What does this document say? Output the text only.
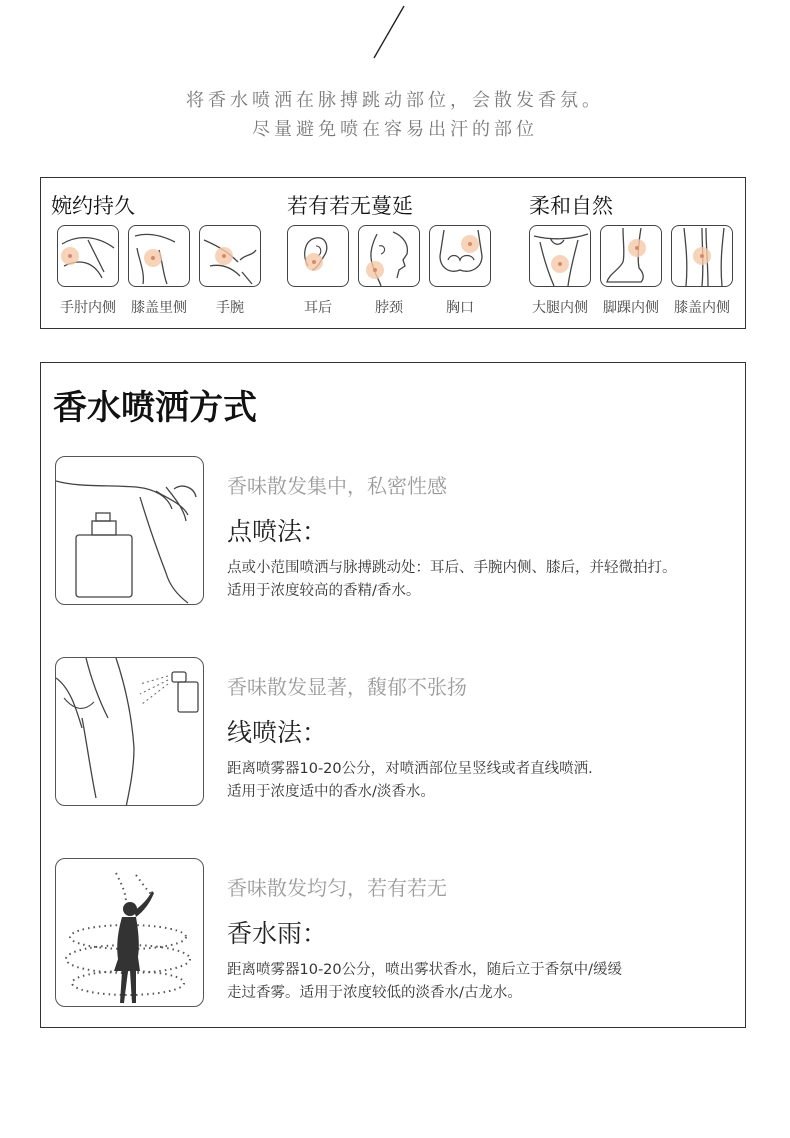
将香水喷洒在脉搏跳动部位，会散发香氛。
尽量避免喷在容易出汗的部位
婉约持久
手肘内侧	膝盖里侧	手腕
若有若无蔓延
耳后	脖颈	胸口
柔和自然
大腿内侧	脚踝内侧	膝盖内侧
香水喷洒方式
香味散发集中，私密性感
点喷法：
点或小范围喷洒与脉搏跳动处：耳后、手腕内侧、膝后，并轻微拍打。
适用于浓度较高的香精/香水。
香味散发显著，馥郁不张扬
线喷法：
距离喷雾器10-20公分，对喷洒部位呈竖线或者直线喷洒.
适用于浓度适中的香水/淡香水。
香味散发均匀，若有若无
香水雨：
距离喷雾器10-20公分，喷出雾状香水，随后立于香氛中/缓缓
走过香雾。适用于浓度较低的淡香水/古龙水。
